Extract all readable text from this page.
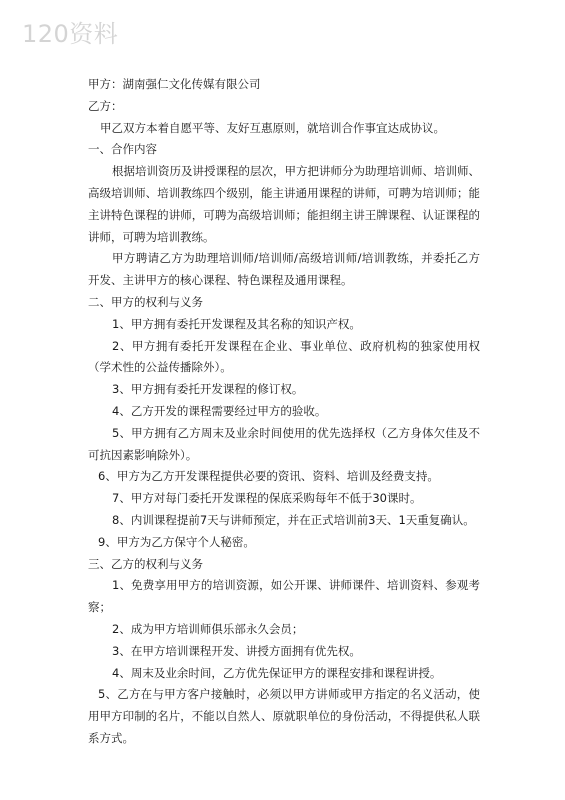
120资料

甲方：湖南强仁文化传媒有限公司

乙方：

甲乙双方本着自愿平等、友好互惠原则，就培训合作事宜达成协议。

一、合作内容

根据培训资历及讲授课程的层次，甲方把讲师分为助理培训师、培训师、高级培训师、培训教练四个级别，能主讲通用课程的讲师，可聘为培训师；能主讲特色课程的讲师，可聘为高级培训师；能担纲主讲王牌课程、认证课程的讲师，可聘为培训教练。

甲方聘请乙方为助理培训师/培训师/高级培训师/培训教练，并委托乙方开发、主讲甲方的核心课程、特色课程及通用课程。

二、甲方的权利与义务

1、甲方拥有委托开发课程及其名称的知识产权。

2、甲方拥有委托开发课程在企业、事业单位、政府机构的独家使用权（学术性的公益传播除外）。

3、甲方拥有委托开发课程的修订权。

4、乙方开发的课程需要经过甲方的验收。

5、甲方拥有乙方周末及业余时间使用的优先选择权（乙方身体欠佳及不可抗因素影响除外）。

6、甲方为乙方开发课程提供必要的资讯、资料、培训及经费支持。

7、甲方对每门委托开发课程的保底采购每年不低于30课时。

8、内训课程提前7天与讲师预定，并在正式培训前3天、1天重复确认。

9、甲方为乙方保守个人秘密。

三、乙方的权利与义务

1、免费享用甲方的培训资源，如公开课、讲师课件、培训资料、参观考察；

2、成为甲方培训师俱乐部永久会员；

3、在甲方培训课程开发、讲授方面拥有优先权。

4、周末及业余时间，乙方优先保证甲方的课程安排和课程讲授。

5、乙方在与甲方客户接触时，必须以甲方讲师或甲方指定的名义活动，使用甲方印制的名片，不能以自然人、原就职单位的身份活动，不得提供私人联系方式。
